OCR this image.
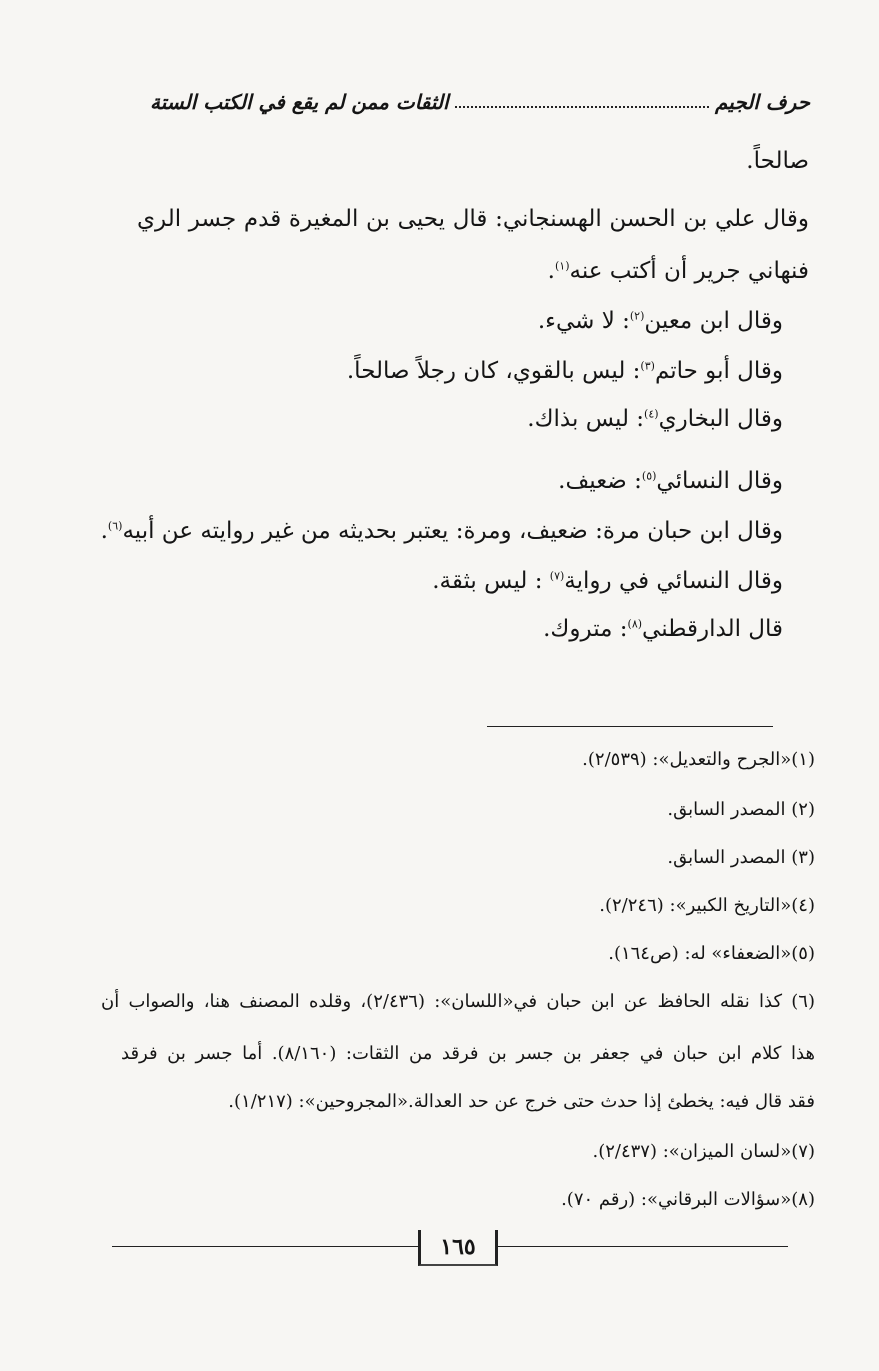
حرف الجيم
الثقات ممن لم يقع في الكتب الستة
صالحاً.
وقال علي بن الحسن الهسنجاني: قال يحيى بن المغيرة قدم جسر الري
فنهاني جرير أن أكتب عنه$^{(١)}$.
وقال ابن معين$^{(٢)}$: لا شيء.
وقال أبو حاتم$^{(٣)}$: ليس بالقوي، كان رجلاً صالحاً.
وقال البخاري$^{(٤)}$: ليس بذاك.
وقال النسائي$^{(٥)}$: ضعيف.
وقال ابن حبان مرة: ضعيف، ومرة: يعتبر بحديثه من غير روايته عن أبيه$^{(٦)}$.
وقال النسائي في رواية$^{(٧)}$ : ليس بثقة.
قال الدارقطني$^{(٨)}$: متروك.
(١)«الجرح والتعديل»: (٢/٥٣٩).
(٢) المصدر السابق.
(٣) المصدر السابق.
(٤)«التاريخ الكبير»: (٢/٢٤٦).
(٥)«الضعفاء» له: (ص١٦٤).
(٦) كذا نقله الحافظ عن ابن حبان في«اللسان»: (٢/٤٣٦)، وقلده المصنف هنا، والصواب أن
هذا كلام ابن حبان في جعفر بن جسر بن فرقد من الثقات: (٨/١٦٠). أما جسر بن فرقد
فقد قال فيه: يخطئ إذا حدث حتى خرج عن حد العدالة.«المجروحين»: (١/٢١٧).
(٧)«لسان الميزان»: (٢/٤٣٧).
(٨)«سؤالات البرقاني»: (رقم ٧٠).
١٦٥
